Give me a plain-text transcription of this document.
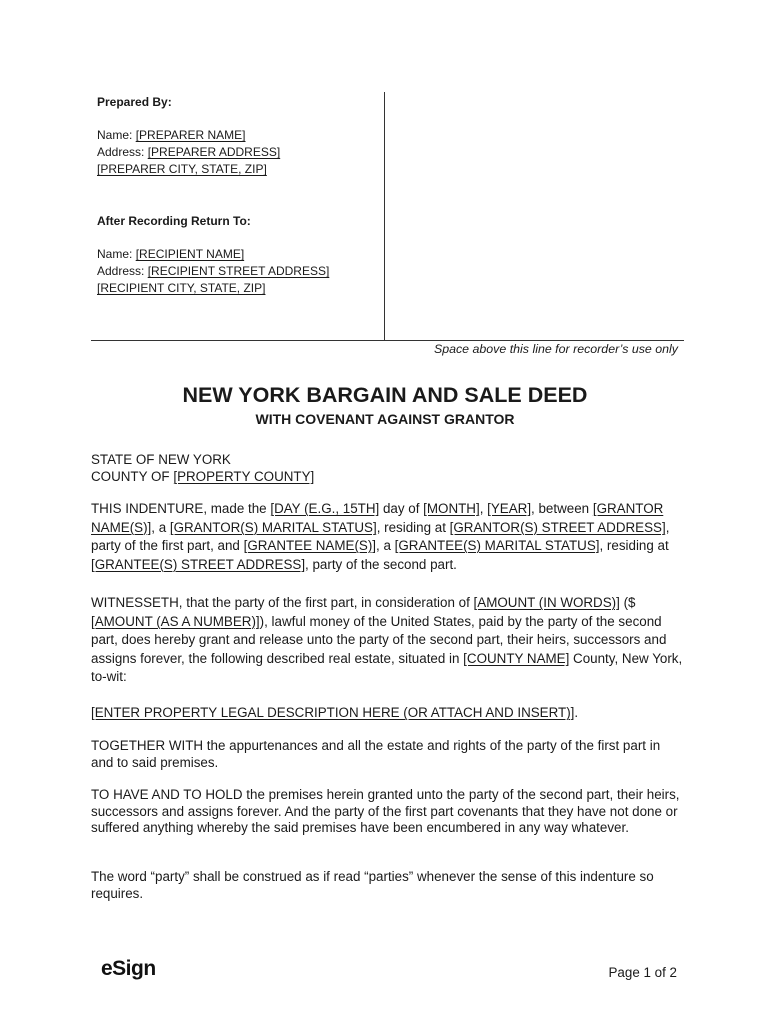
Prepared By:
Name: [PREPARER NAME]
Address: [PREPARER ADDRESS]
[PREPARER CITY, STATE, ZIP]
After Recording Return To:
Name: [RECIPIENT NAME]
Address: [RECIPIENT STREET ADDRESS]
[RECIPIENT CITY, STATE, ZIP]
Space above this line for recorder’s use only
NEW YORK BARGAIN AND SALE DEED
WITH COVENANT AGAINST GRANTOR
STATE OF NEW YORK
COUNTY OF [PROPERTY COUNTY]
THIS INDENTURE, made the [DAY (E.G., 15TH] day of [MONTH], [YEAR], between [GRANTOR NAME(S)], a [GRANTOR(S) MARITAL STATUS], residing at [GRANTOR(S) STREET ADDRESS], party of the first part, and [GRANTEE NAME(S)], a [GRANTEE(S) MARITAL STATUS], residing at [GRANTEE(S) STREET ADDRESS], party of the second part.
WITNESSETH, that the party of the first part, in consideration of [AMOUNT (IN WORDS)] ($ [AMOUNT (AS A NUMBER)]), lawful money of the United States, paid by the party of the second part, does hereby grant and release unto the party of the second part, their heirs, successors and assigns forever, the following described real estate, situated in [COUNTY NAME] County, New York, to-wit:
[ENTER PROPERTY LEGAL DESCRIPTION HERE (OR ATTACH AND INSERT)].
TOGETHER WITH the appurtenances and all the estate and rights of the party of the first part in and to said premises.
TO HAVE AND TO HOLD the premises herein granted unto the party of the second part, their heirs, successors and assigns forever. And the party of the first part covenants that they have not done or suffered anything whereby the said premises have been encumbered in any way whatever.
The word “party” shall be construed as if read “parties” whenever the sense of this indenture so requires.
eSign	Page 1 of 2
